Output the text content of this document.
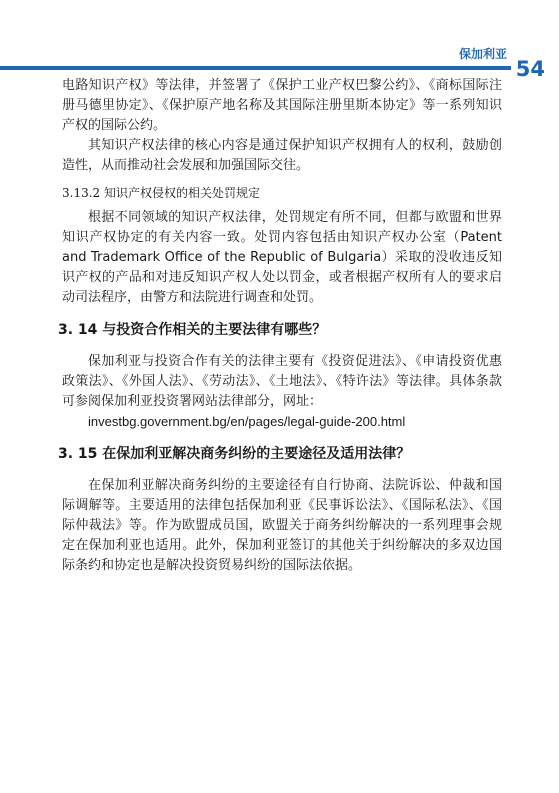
保加利亚
54

电路知识产权》等法律，并签署了《保护工业产权巴黎公约》、《商标国际注册马德里协定》、《保护原产地名称及其国际注册里斯本协定》等一系列知识产权的国际公约。

其知识产权法律的核心内容是通过保护知识产权拥有人的权利，鼓励创造性，从而推动社会发展和加强国际交往。

3.13.2 知识产权侵权的相关处罚规定

根据不同领域的知识产权法律，处罚规定有所不同，但都与欧盟和世界知识产权协定的有关内容一致。处罚内容包括由知识产权办公室（Patent and Trademark Office of the Republic of Bulgaria）采取的没收违反知识产权的产品和对违反知识产权人处以罚金，或者根据产权所有人的要求启动司法程序，由警方和法院进行调查和处罚。

3. 14 与投资合作相关的主要法律有哪些？

保加利亚与投资合作有关的法律主要有《投资促进法》、《申请投资优惠政策法》、《外国人法》、《劳动法》、《土地法》、《特许法》等法律。具体条款可参阅保加利亚投资署网站法律部分，网址：

investbg.government.bg/en/pages/legal-guide-200.html

3. 15 在保加利亚解决商务纠纷的主要途径及适用法律？

在保加利亚解决商务纠纷的主要途径有自行协商、法院诉讼、仲裁和国际调解等。主要适用的法律包括保加利亚《民事诉讼法》、《国际私法》、《国际仲裁法》等。作为欧盟成员国，欧盟关于商务纠纷解决的一系列理事会规定在保加利亚也适用。此外，保加利亚签订的其他关于纠纷解决的多双边国际条约和协定也是解决投资贸易纠纷的国际法依据。
